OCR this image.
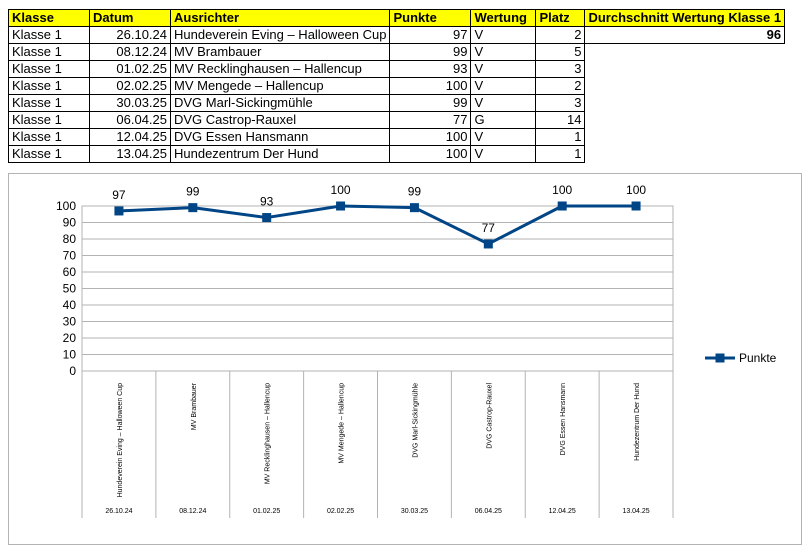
Klasse	Datum	Ausrichter	Punkte	Wertung	Platz	Durchschnitt Wertung Klasse 1
Klasse 1	26.10.24	Hundeverein Eving – Halloween Cup	97	V	2	96
Klasse 1	08.12.24	MV Brambauer	99	V	5	
Klasse 1	01.02.25	MV Recklinghausen – Hallencup	93	V	3	
Klasse 1	02.02.25	MV Mengede – Hallencup	100	V	2	
Klasse 1	30.03.25	DVG Marl-Sickingmühle	99	V	3	
Klasse 1	06.04.25	DVG Castrop-Rauxel	77	G	14	
Klasse 1	12.04.25	DVG Essen Hansmann	100	V	1	
Klasse 1	13.04.25	Hundezentrum Der Hund	100	V	1	
0
10
20
30
40
50
60
70
80
90
100
Hundeverein Eving – Halloween Cup
26.10.24
MV Brambauer
08.12.24
MV Recklinghausen – Hallencup
01.02.25
MV Mengede – Hallencup
02.02.25
DVG Marl-Sickingmühle
30.03.25
DVG Castrop-Rauxel
06.04.25
DVG Essen Hansmann
12.04.25
Hundezentrum Der Hund
13.04.25
97	99
93
100	99
77
100	100
Punkte
